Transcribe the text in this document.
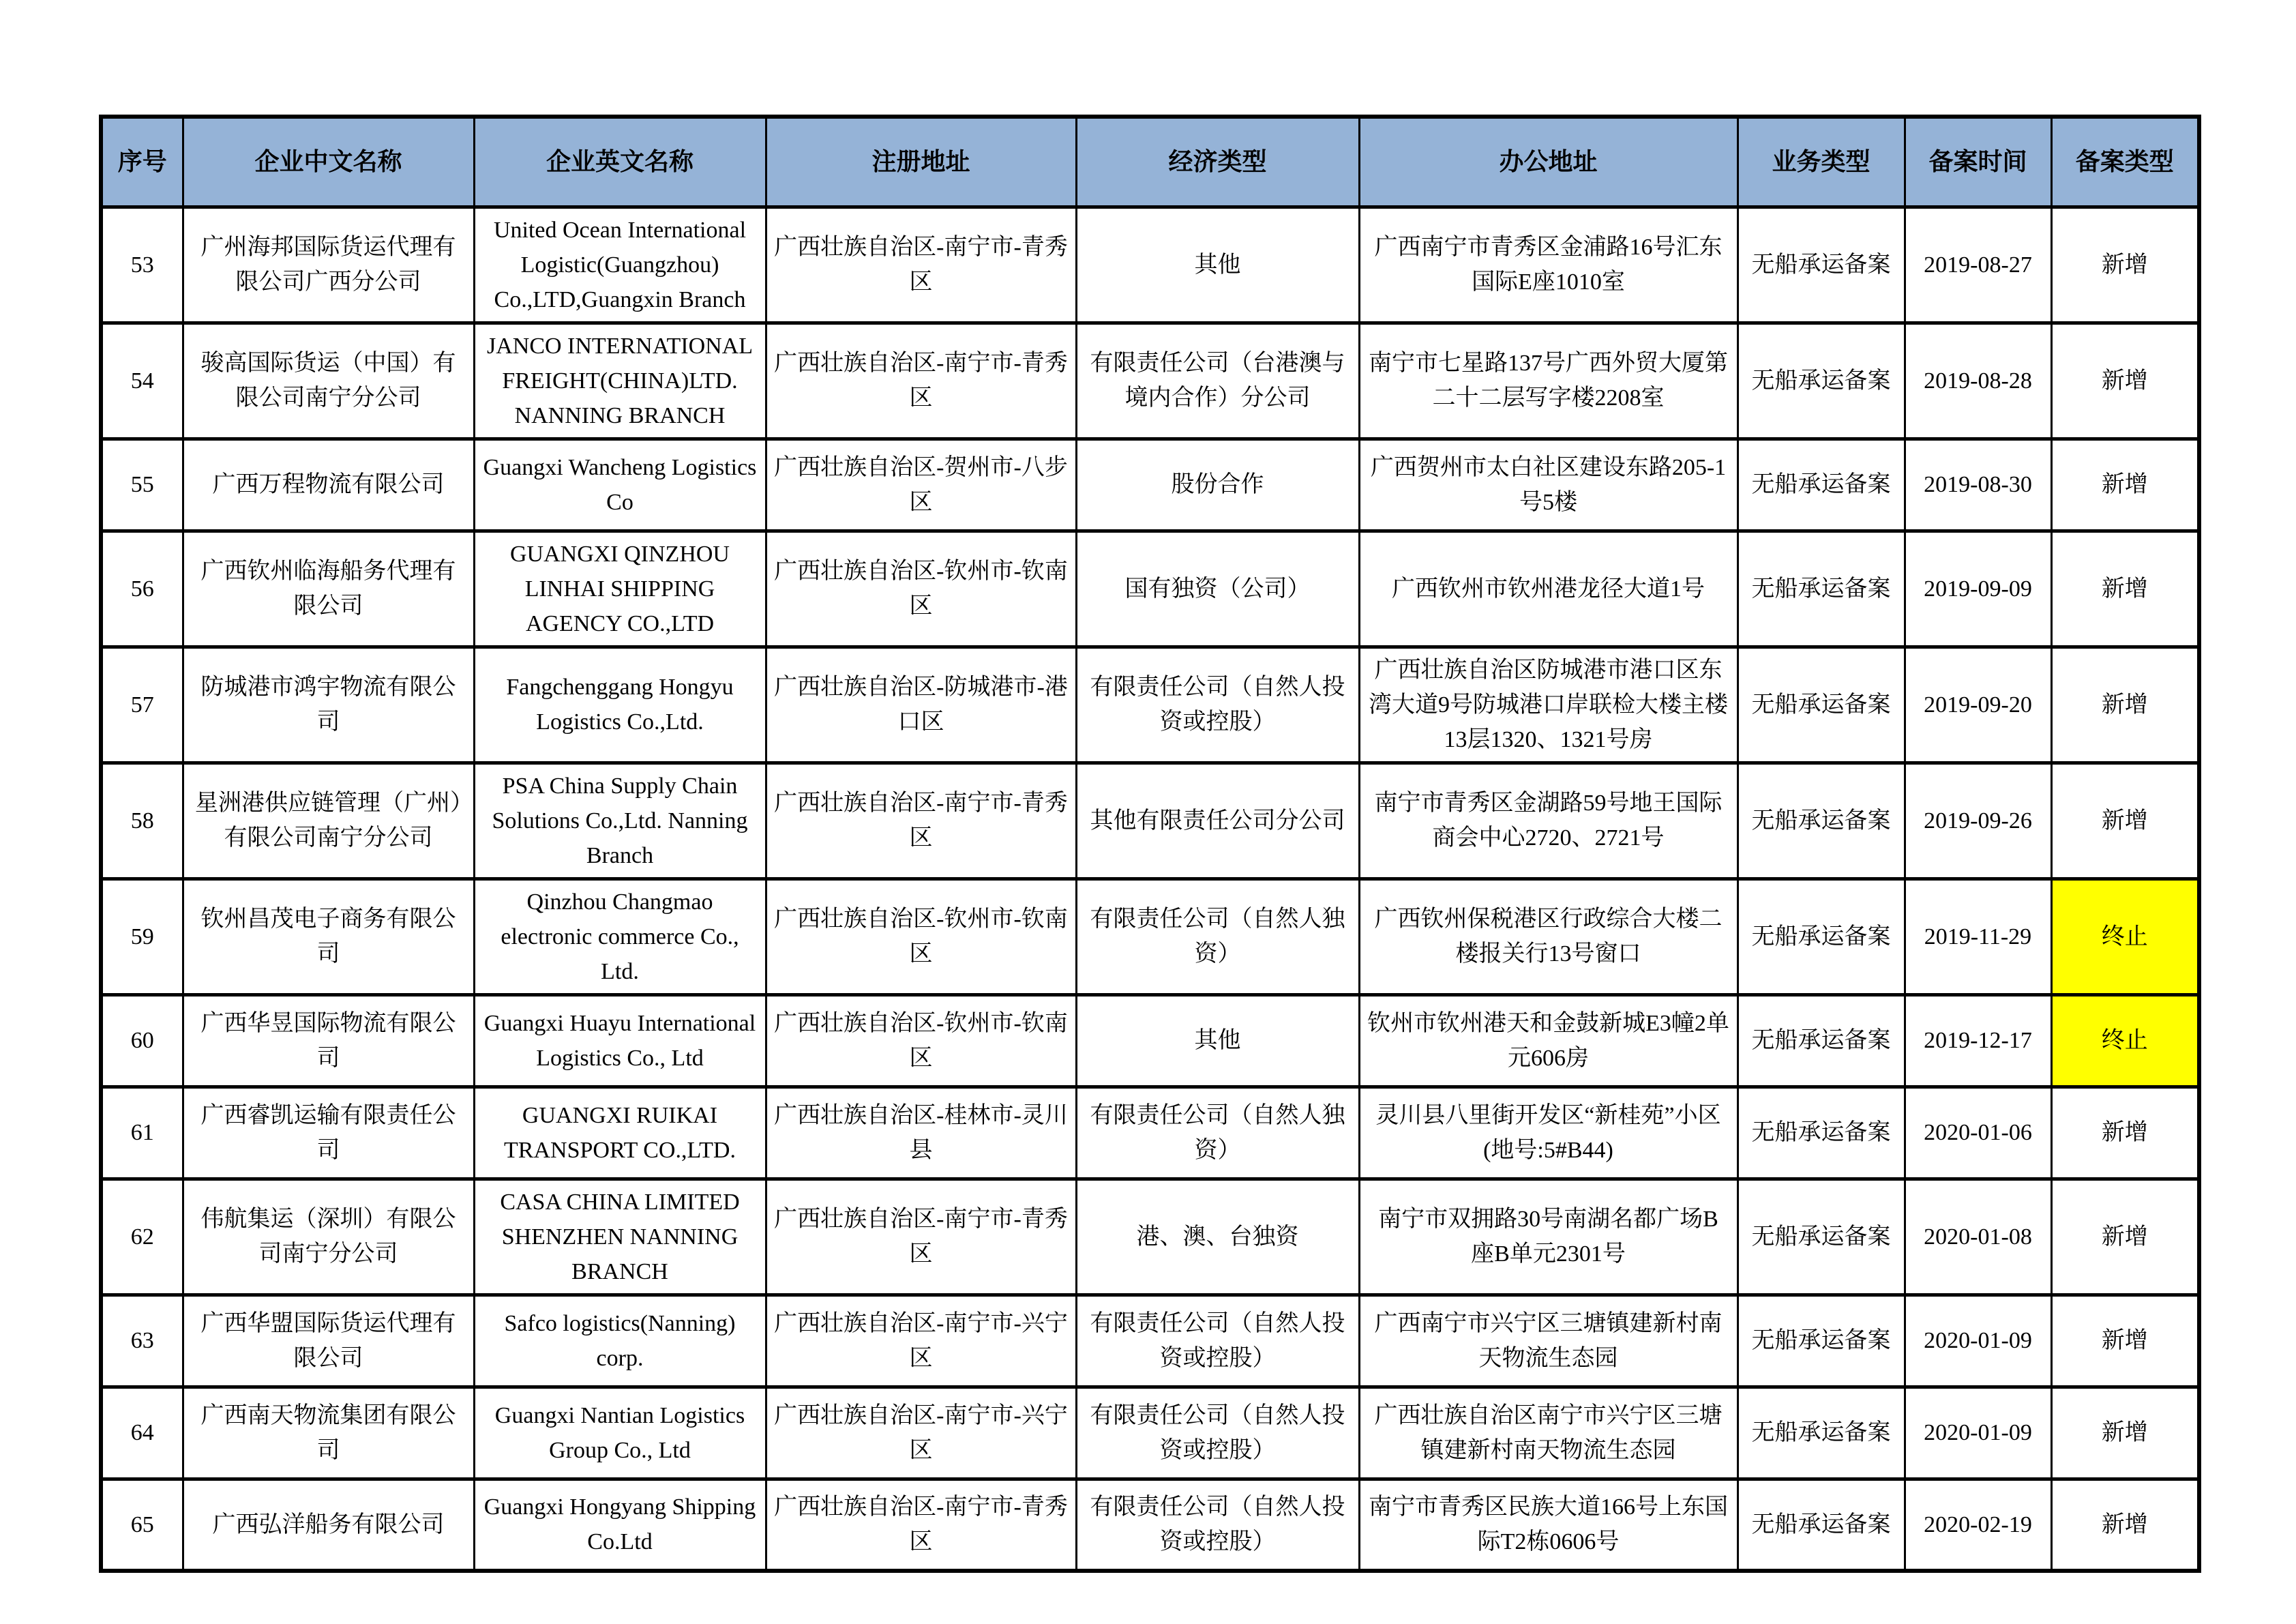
序号	企业中文名称	企业英文名称	注册地址	经济类型	办公地址	业务类型	备案时间	备案类型
53	广州海邦国际货运代理有限公司广西分公司	United Ocean International Logistic(Guangzhou) Co.,LTD,Guangxin Branch	广西壮族自治区-南宁市-青秀区	其他	广西南宁市青秀区金浦路16号汇东国际E座1010室	无船承运备案	2019-08-27	新增
54	骏高国际货运（中国）有限公司南宁分公司	JANCO INTERNATIONAL FREIGHT(CHINA)LTD. NANNING BRANCH	广西壮族自治区-南宁市-青秀区	有限责任公司（台港澳与境内合作）分公司	南宁市七星路137号广西外贸大厦第二十二层写字楼2208室	无船承运备案	2019-08-28	新增
55	广西万程物流有限公司	Guangxi Wancheng Logistics Co	广西壮族自治区-贺州市-八步区	股份合作	广西贺州市太白社区建设东路205-1号5楼	无船承运备案	2019-08-30	新增
56	广西钦州临海船务代理有限公司	GUANGXI QINZHOU LINHAI SHIPPING AGENCY CO.,LTD	广西壮族自治区-钦州市-钦南区	国有独资（公司）	广西钦州市钦州港龙径大道1号	无船承运备案	2019-09-09	新增
57	防城港市鸿宇物流有限公司	Fangchenggang Hongyu Logistics Co.,Ltd.	广西壮族自治区-防城港市-港口区	有限责任公司（自然人投资或控股）	广西壮族自治区防城港市港口区东湾大道9号防城港口岸联检大楼主楼13层1320、1321号房	无船承运备案	2019-09-20	新增
58	星洲港供应链管理（广州）有限公司南宁分公司	PSA China Supply Chain Solutions Co.,Ltd. Nanning Branch	广西壮族自治区-南宁市-青秀区	其他有限责任公司分公司	南宁市青秀区金湖路59号地王国际商会中心2720、2721号	无船承运备案	2019-09-26	新增
59	钦州昌茂电子商务有限公司	Qinzhou Changmao electronic commerce Co., Ltd.	广西壮族自治区-钦州市-钦南区	有限责任公司（自然人独资）	广西钦州保税港区行政综合大楼二楼报关行13号窗口	无船承运备案	2019-11-29	终止
60	广西华昱国际物流有限公司	Guangxi Huayu International Logistics Co., Ltd	广西壮族自治区-钦州市-钦南区	其他	钦州市钦州港天和金鼓新城E3幢2单元606房	无船承运备案	2019-12-17	终止
61	广西睿凯运输有限责任公司	GUANGXI RUIKAI TRANSPORT CO.,LTD.	广西壮族自治区-桂林市-灵川县	有限责任公司（自然人独资）	灵川县八里街开发区“新桂苑”小区(地号:5#B44)	无船承运备案	2020-01-06	新增
62	伟航集运（深圳）有限公司南宁分公司	CASA CHINA LIMITED SHENZHEN NANNING BRANCH	广西壮族自治区-南宁市-青秀区	港、澳、台独资	南宁市双拥路30号南湖名都广场B座B单元2301号	无船承运备案	2020-01-08	新增
63	广西华盟国际货运代理有限公司	Safco logistics(Nanning) corp.	广西壮族自治区-南宁市-兴宁区	有限责任公司（自然人投资或控股）	广西南宁市兴宁区三塘镇建新村南天物流生态园	无船承运备案	2020-01-09	新增
64	广西南天物流集团有限公司	Guangxi Nantian Logistics Group Co., Ltd	广西壮族自治区-南宁市-兴宁区	有限责任公司（自然人投资或控股）	广西壮族自治区南宁市兴宁区三塘镇建新村南天物流生态园	无船承运备案	2020-01-09	新增
65	广西弘洋船务有限公司	Guangxi Hongyang Shipping Co.Ltd	广西壮族自治区-南宁市-青秀区	有限责任公司（自然人投资或控股）	南宁市青秀区民族大道166号上东国际T2栋0606号	无船承运备案	2020-02-19	新增
